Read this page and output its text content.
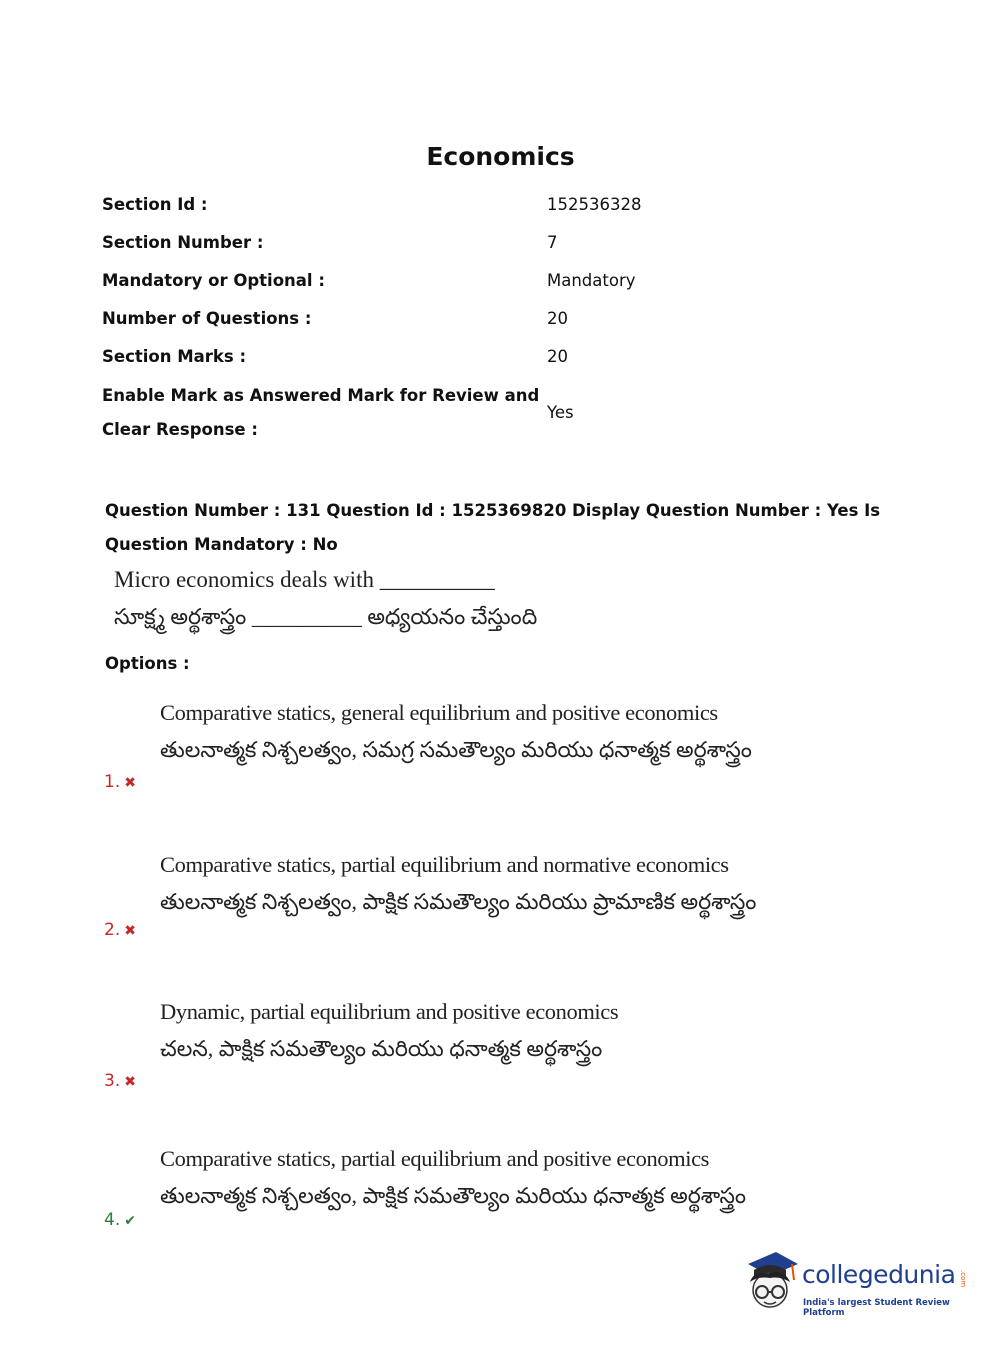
Economics
Section Id :	152536328
Section Number :	7
Mandatory or Optional :	Mandatory
Number of Questions :	20
Section Marks :	20
Enable Mark as Answered Mark for Review and
Clear Response :
Yes
Question Number : 131 Question Id : 1525369820 Display Question Number : Yes Is Question Mandatory : No
Micro economics deals with __________
సూక్ష్మ అర్థశాస్త్రం __________ అధ్యయనం చేస్తుంది
Options :
Comparative statics, general equilibrium and positive economics
తులనాత్మక నిశ్చలత్వం, సమగ్ర సమతౌల్యం మరియు ధనాత్మక అర్థశాస్త్రం
1. ✖
Comparative statics, partial equilibrium and normative economics
తులనాత్మక నిశ్చలత్వం, పాక్షిక సమతౌల్యం మరియు ప్రామాణిక అర్థశాస్త్రం
2. ✖
Dynamic, partial equilibrium and positive economics
చలన, పాక్షిక సమతౌల్యం మరియు ధనాత్మక అర్థశాస్త్రం
3. ✖
Comparative statics, partial equilibrium and positive economics
తులనాత్మక నిశ్చలత్వం, పాక్షిక సమతౌల్యం మరియు ధనాత్మక అర్థశాస్త్రం
4. ✔
collegedunia .com
India's largest Student Review Platform
